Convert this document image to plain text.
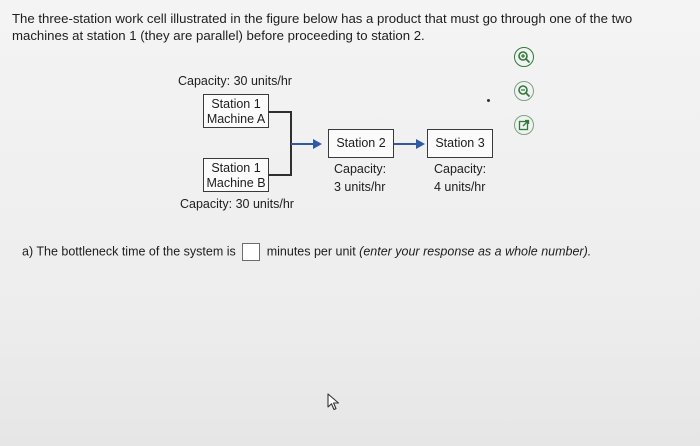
The three-station work cell illustrated in the figure below has a product that must go through one of the two machines at station 1 (they are parallel) before proceeding to station 2.
Capacity: 30 units/hr
Station 1
Machine A
Station 1
Machine B
Capacity: 30 units/hr
Station 2
Capacity:
3 units/hr
Station 3
Capacity:
4 units/hr
a) The bottleneck time of the system is  minutes per unit (enter your response as a whole number).
